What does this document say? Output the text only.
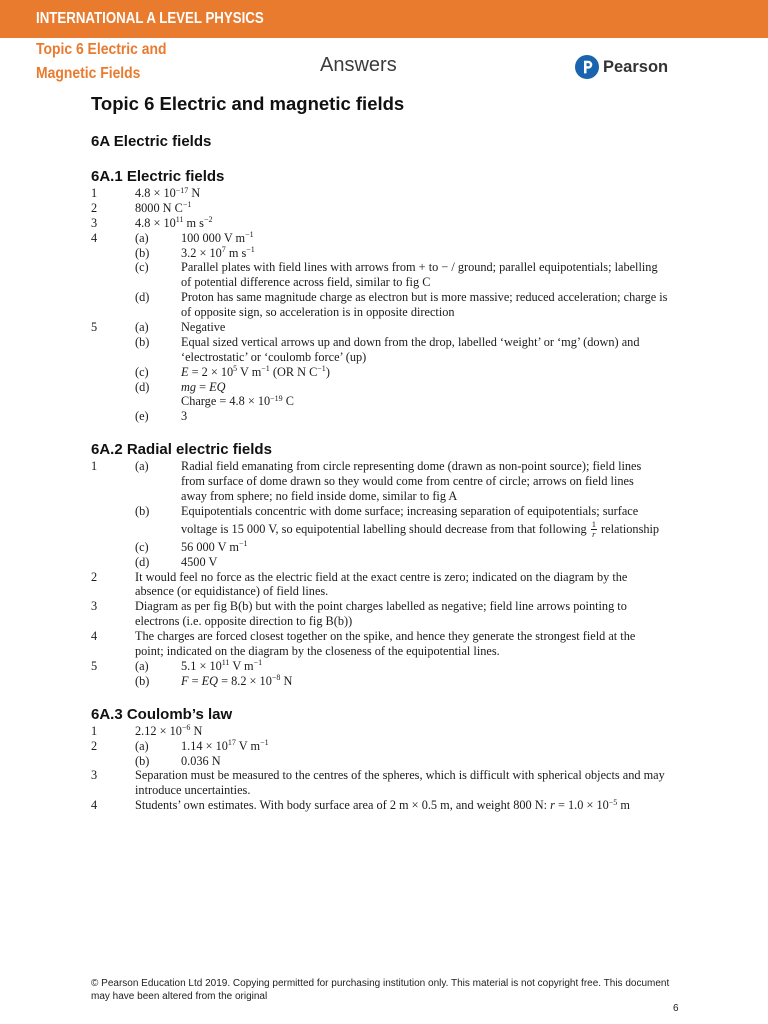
INTERNATIONAL A LEVEL PHYSICS
Topic 6 Electric and
Magnetic Fields	Answers	Pearson
Topic 6 Electric and magnetic fields
6A Electric fields
6A.1 Electric fields
1	$4.8 \times 10^{-17}$ N
2	8000 N $C^{-1}$
3	$4.8 \times 10^{11}$ m $s^{-2}$
4	(a)	100 000 V $m^{-1}$
(b)	$3.2 \times 10^7$ m $s^{-1}$
(c)	Parallel plates with field lines with arrows from + to − / ground; parallel equipotentials; labelling
of potential difference across field, similar to fig C
(d)	Proton has same magnitude charge as electron but is more massive; reduced acceleration; charge is
of opposite sign, so acceleration is in opposite direction
5	(a)	Negative
(b)	Equal sized vertical arrows up and down from the drop, labelled ‘weight’ or ‘mg’ (down) and
‘electrostatic’ or ‘coulomb force’ (up)
(c)	$E = 2 \times 10^5$ V $m^{-1}$ (OR N $C^{-1}$)
(d)	mg = EQ
Charge = $4.8 \times 10^{-19}$ C
(e)	3
6A.2 Radial electric fields
1	(a)	Radial field emanating from circle representing dome (drawn as non-point source); field lines
from surface of dome drawn so they would come from centre of circle; arrows on field lines
away from sphere; no field inside dome, similar to fig A
(b)	Equipotentials concentric with dome surface; increasing separation of equipotentials; surface
voltage is 15 000 V, so equipotential labelling should decrease from that following $\frac{1}{r}$ relationship
(c)	56 000 V $m^{-1}$
(d)	4500 V
2	It would feel no force as the electric field at the exact centre is zero; indicated on the diagram by the
absence (or equidistance) of field lines.
3	Diagram as per fig B(b) but with the point charges labelled as negative; field line arrows pointing to
electrons (i.e. opposite direction to fig B(b))
4	The charges are forced closest together on the spike, and hence they generate the strongest field at the
point; indicated on the diagram by the closeness of the equipotential lines.
5	(a)	$5.1 \times 10^{11}$ V $m^{-1}$
(b)	F = EQ = $8.2 \times 10^{-8}$ N
6A.3 Coulomb’s law
1	$2.12 \times 10^{-6}$ N
2	(a)	$1.14 \times 10^{17}$ V $m^{-1}$
(b)	0.036 N
3	Separation must be measured to the centres of the spheres, which is difficult with spherical objects and may
introduce uncertainties.
4	Students’ own estimates. With body surface area of 2 m × 0.5 m, and weight 800 N: $r = 1.0 \times 10^{-5}$ m
© Pearson Education Ltd 2019. Copying permitted for purchasing institution only. This material is not copyright free. This document
may have been altered from the original
6
